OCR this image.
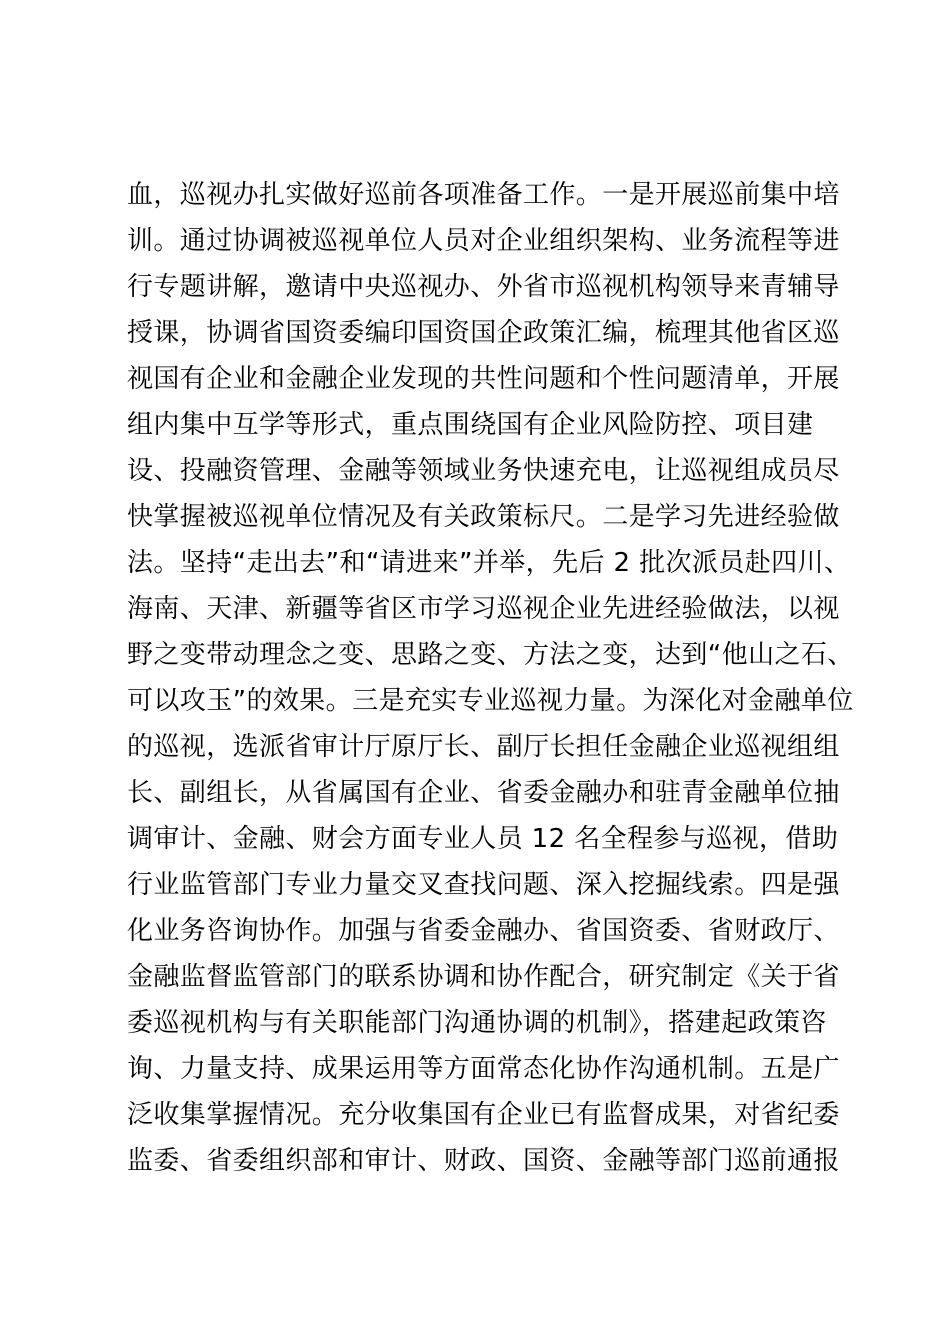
血，巡视办扎实做好巡前各项准备工作。一是开展巡前集中培
训。通过协调被巡视单位人员对企业组织架构、业务流程等进
行专题讲解，邀请中央巡视办、外省市巡视机构领导来青辅导
授课，协调省国资委编印国资国企政策汇编，梳理其他省区巡
视国有企业和金融企业发现的共性问题和个性问题清单，开展
组内集中互学等形式，重点围绕国有企业风险防控、项目建
设、投融资管理、金融等领域业务快速充电，让巡视组成员尽
快掌握被巡视单位情况及有关政策标尺。二是学习先进经验做
法。坚持“走出去”和“请进来”并举，先后 2 批次派员赴四川、
海南、天津、新疆等省区市学习巡视企业先进经验做法，以视
野之变带动理念之变、思路之变、方法之变，达到“他山之石、
可以攻玉”的效果。三是充实专业巡视力量。为深化对金融单位
的巡视，选派省审计厅原厅长、副厅长担任金融企业巡视组组
长、副组长，从省属国有企业、省委金融办和驻青金融单位抽
调审计、金融、财会方面专业人员 12 名全程参与巡视，借助
行业监管部门专业力量交叉查找问题、深入挖掘线索。四是强
化业务咨询协作。加强与省委金融办、省国资委、省财政厅、
金融监督监管部门的联系协调和协作配合，研究制定《关于省
委巡视机构与有关职能部门沟通协调的机制》，搭建起政策咨
询、力量支持、成果运用等方面常态化协作沟通机制。五是广
泛收集掌握情况。充分收集国有企业已有监督成果，对省纪委
监委、省委组织部和审计、财政、国资、金融等部门巡前通报
